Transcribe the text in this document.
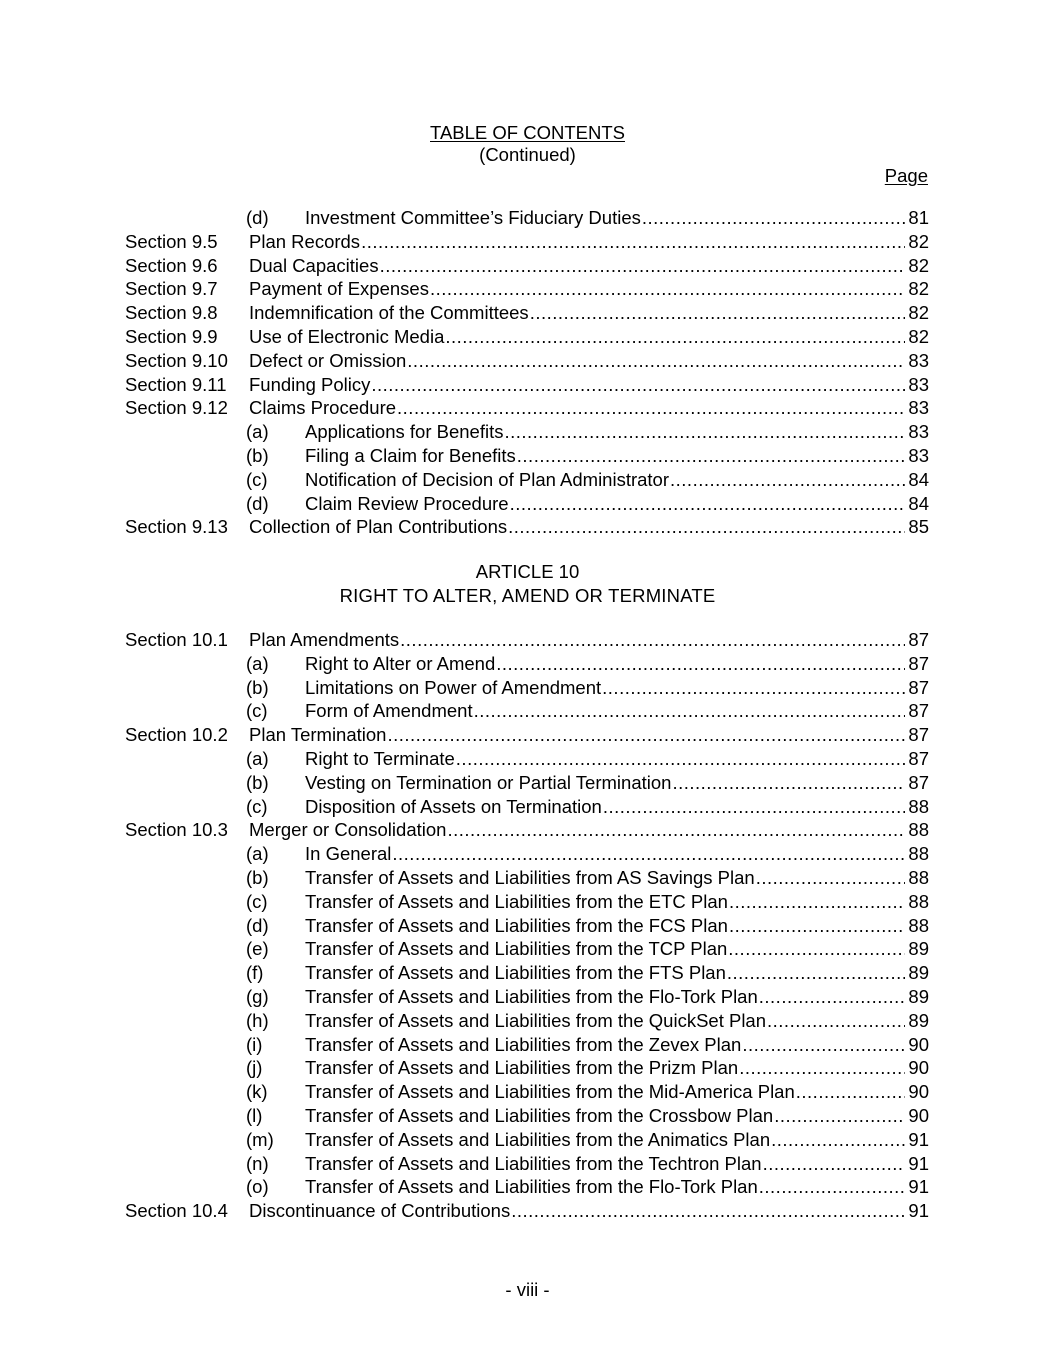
TABLE OF CONTENTS
(Continued)
Page
(d)	Investment Committee’s Fiduciary Duties .....	81
Section 9.5 Plan Records .....	82
Section 9.6 Dual Capacities .....	82
Section 9.7 Payment of Expenses .....	82
Section 9.8 Indemnification of the Committees .....	82
Section 9.9 Use of Electronic Media .....	82
Section 9.10 Defect or Omission .....	83
Section 9.11 Funding Policy .....	83
Section 9.12 Claims Procedure .....	83
(a)	Applications for Benefits .....	83
(b)	Filing a Claim for Benefits .....	83
(c)	Notification of Decision of Plan Administrator .....	84
(d)	Claim Review Procedure .....	84
Section 9.13 Collection of Plan Contributions .....	85
ARTICLE 10
RIGHT TO ALTER, AMEND OR TERMINATE
Section 10.1 Plan Amendments .....	87
(a)	Right to Alter or Amend .....	87
(b)	Limitations on Power of Amendment .....	87
(c)	Form of Amendment .....	87
Section 10.2 Plan Termination .....	87
(a)	Right to Terminate .....	87
(b)	Vesting on Termination or Partial Termination .....	87
(c)	Disposition of Assets on Termination .....	88
Section 10.3 Merger or Consolidation .....	88
(a)	In General .....	88
(b)	Transfer of Assets and Liabilities from AS Savings Plan .....	88
(c)	Transfer of Assets and Liabilities from the ETC Plan .....	88
(d)	Transfer of Assets and Liabilities from the FCS Plan .....	88
(e)	Transfer of Assets and Liabilities from the TCP Plan .....	89
(f)	Transfer of Assets and Liabilities from the FTS Plan .....	89
(g)	Transfer of Assets and Liabilities from the Flo-Tork Plan .....	89
(h)	Transfer of Assets and Liabilities from the QuickSet Plan .....	89
(i)	Transfer of Assets and Liabilities from the Zevex Plan .....	90
(j)	Transfer of Assets and Liabilities from the Prizm Plan .....	90
(k)	Transfer of Assets and Liabilities from the Mid-America Plan .....	90
(l)	Transfer of Assets and Liabilities from the Crossbow Plan .....	90
(m)	Transfer of Assets and Liabilities from the Animatics Plan .....	91
(n)	Transfer of Assets and Liabilities from the Techtron Plan .....	91
(o)	Transfer of Assets and Liabilities from the Flo-Tork Plan .....	91
Section 10.4 Discontinuance of Contributions .....	91
- viii -
